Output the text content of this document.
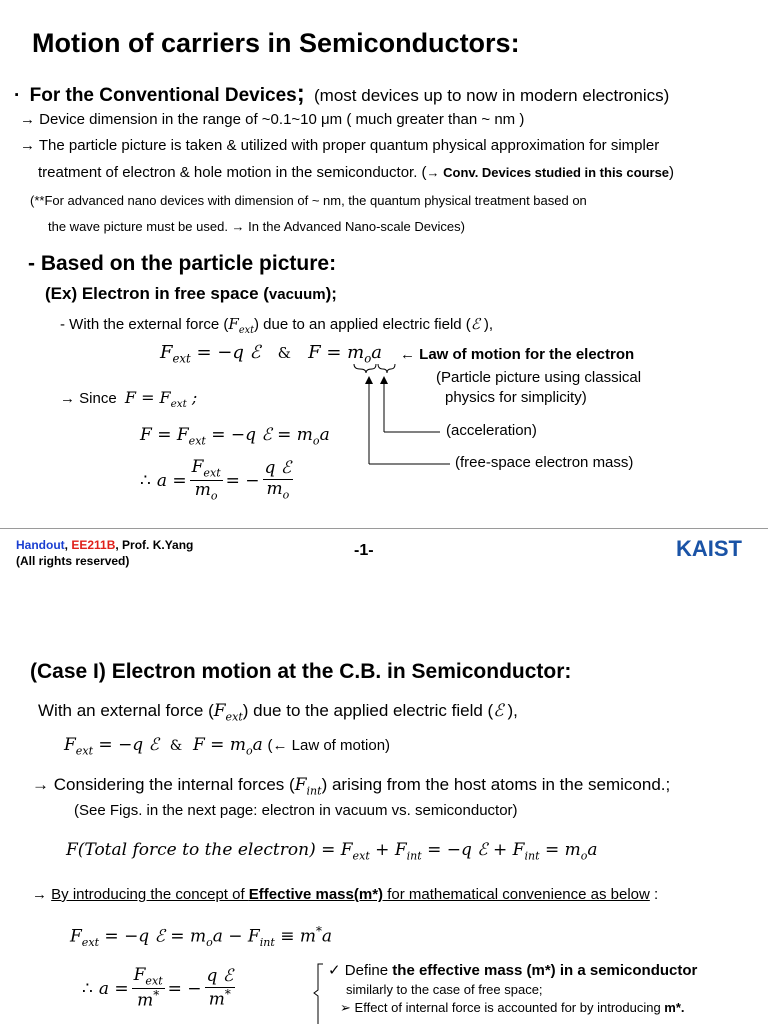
Motion of carriers in Semiconductors:
· For the Conventional Devices; (most devices up to now in modern electronics)
→ Device dimension in the range of ~0.1~10 μm ( much greater than ~ nm )
→ The particle picture is taken & utilized with proper quantum physical approximation for simpler
treatment of electron & hole motion in the semiconductor. (→ Conv. Devices studied in this course)
(**For advanced nano devices with dimension of ~ nm, the quantum physical treatment based on
the wave picture must be used. → In the Advanced Nano-scale Devices)
- Based on the particle picture:
(Ex) Electron in free space (vacuum);
- With the external force $(F_{ext})$ due to an applied electric field (ℰ ),
$F_{ext} = -q$ ℰ   &   $F = m_oa$ ← Law of motion for the electron
(Particle picture using classical
physics for simplicity)
→ Since $F = F_{ext}$ ;
$F = F_{ext} = -q$ ℰ = $m_oa$	(acceleration)
(free-space electron mass)
∴ $a = \frac{F_{ext}}{m_o}$ = − $\frac{\text{q ℰ}}{m_o}$
Handout, EE211B, Prof. K.Yang
(All rights reserved)
-1-	KAIST
(Case I) Electron motion at the C.B. in Semiconductor:
With an external force $(F_{ext})$ due to the applied electric field (ℰ ),
$F_{ext} = -q$ ℰ  &  $F = m_oa$ (← Law of motion)
→ Considering the internal forces $(F_{int})$ arising from the host atoms in the semicond.;
(See Figs. in the next page: electron in vacuum vs. semiconductor)
F(Total force to the electron) = $F_{ext} + F_{int} = -q$ ℰ + $F_{int} = m_oa$
→ By introducing the concept of Effective mass(m*) for mathematical convenience as below :
$F_{ext} = -q$ ℰ = $m_oa - F_{int} \equiv m^*a$
∴ $a = \frac{F_{ext}}{m^*}$ = − $\frac{\text{q ℰ}}{m^*}$	✓ Define the effective mass (m*) in a semiconductor
similarly to the case of free space;
➢ Effect of internal force is accounted for by introducing m*.
